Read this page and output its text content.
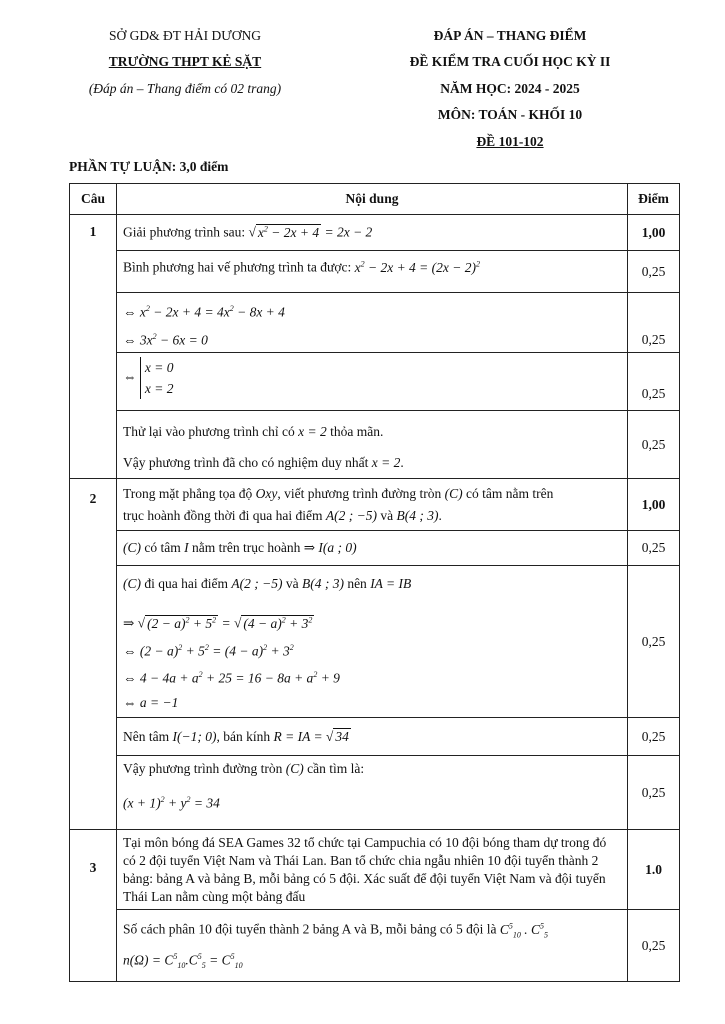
SỞ GD& ĐT HẢI DƯƠNG
TRƯỜNG THPT KẺ SẶT
(Đáp án – Thang điểm có 02 trang)
ĐÁP ÁN – THANG ĐIỂM
ĐỀ KIỂM TRA CUỐI HỌC KỲ II
NĂM HỌC: 2024 - 2025
MÔN: TOÁN - KHỐI 10
ĐỀ 101-102
PHẦN TỰ LUẬN: 3,0 điểm
Câu	Nội dung	Điểm
1	Giải phương trình sau: √ $x^2 - 2x + 4 = 2x - 2$	1,00
	Bình phương hai vế phương trình ta được: $x^2 - 2x + 4 = (2x - 2)^2$	0,25

	⇔ $x^2 - 2x + 4 = 4x^2 - 8x + 4$
⇔ $3x^2 - 6x = 0$	0,25
	⇔ x = 0
x = 2	0,25

	Thử lại vào phương trình chỉ có x = 2 thỏa mãn.
Vậy phương trình đã cho có nghiệm duy nhất x = 2.	0,25
2	Trong mặt phẳng tọa độ Oxy, viết phương trình đường tròn (C) có tâm nằm trên
trục hoành đồng thời đi qua hai điểm A(2 ; −5) và B(4 ; 3).	1,00
	(C) có tâm I nằm trên trục hoành ⇒ I(a ; 0)	0,25

	(C) đi qua hai điểm A(2 ; −5) và B(4 ; 3) nên IA = IB
⇒ √ $(2 - a)^2 + 5^2$ = √ $(4 - a)^2 + 3^2$
⇔ $(2 - a)^2 + 5^2 = (4 - a)^2 + 3^2$
⇔ $4 - 4a + a^2 + 25 = 16 - 8a + a^2 + 9$
⇔ a = −1	0,25
	Nên tâm I(−1; 0), bán kính R = IA = √ 34	0,25

	Vậy phương trình đường tròn (C) cần tìm là:
$(x + 1)^2 + y^2 = 34$	0,25
3	Tại môn bóng đá SEA Games 32 tổ chức tại Campuchia có 10 đội bóng tham dự trong đó có 2 đội tuyển Việt Nam và Thái Lan. Ban tổ chức chia ngẫu nhiên 10 đội tuyển thành 2 bảng: bảng A và bảng B, mỗi bảng có 5 đội. Xác suất để đội tuyển Việt Nam và đội tuyển Thái Lan nằm cùng một bảng đấu	1.0

	Số cách phân 10 đội tuyển thành 2 bảng A và B, mỗi bảng có 5 đội là $C^5_{10}$ . $C^5_5$
$n(\Omega) = C^5_{10}.C^5_5 = C^5_{10}$	0,25
